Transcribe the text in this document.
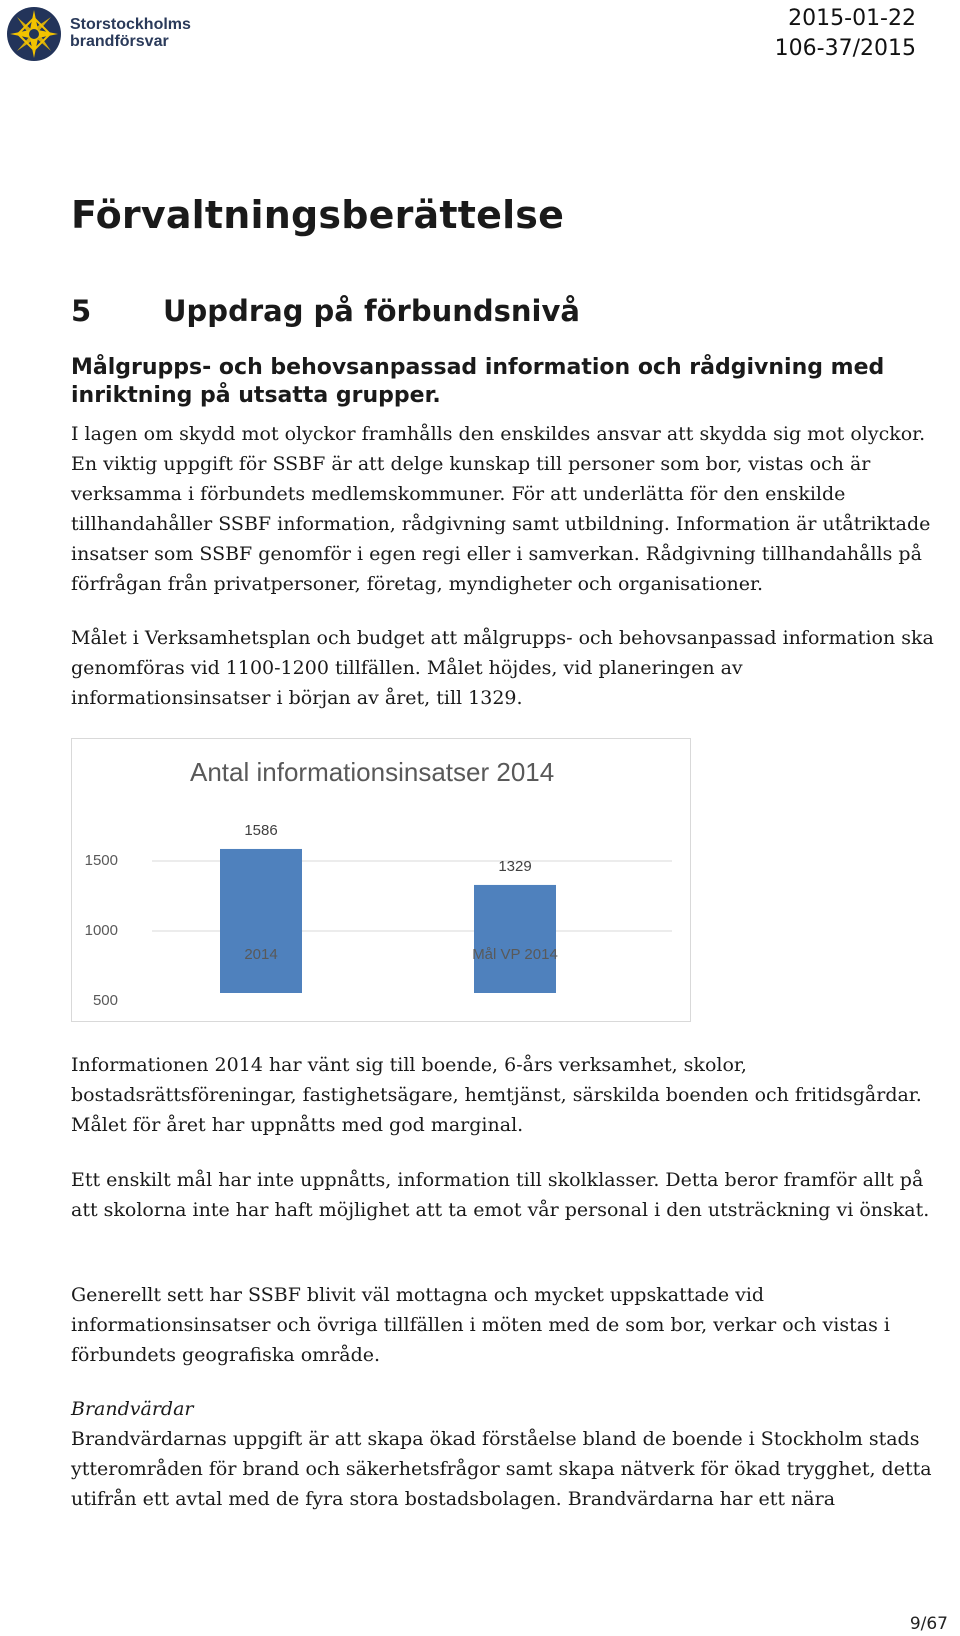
Storstockholms
brandförsvar
2015-01-22
106-37/2015
Förvaltningsberättelse
5 Uppdrag på förbundsnivå
Målgrupps- och behovsanpassad information och rådgivning med inriktning på utsatta grupper.

I lagen om skydd mot olyckor framhålls den enskildes ansvar att skydda sig mot olyckor. En viktig uppgift för SSBF är att delge kunskap till personer som bor, vistas och är verksamma i förbundets medlemskommuner. För att underlätta för den enskilde tillhandahåller SSBF information, rådgivning samt utbildning. Information är utåtriktade insatser som SSBF genomför i egen regi eller i samverkan. Rådgivning tillhandahålls på förfrågan från privatpersoner, företag, myndigheter och organisationer.

Målet i Verksamhetsplan och budget att målgrupps- och behovsanpassad information ska genomföras vid 1100-1200 tillfällen. Målet höjdes, vid planeringen av informationsinsatser i början av året, till 1329.

Antal informationsinsatser 2014
500
1000
1500
1586
2014
1329
Mål VP 2014

Informationen 2014 har vänt sig till boende, 6-års verksamhet, skolor, bostadsrättsföreningar, fastighetsägare, hemtjänst, särskilda boenden och fritidsgårdar. Målet för året har uppnåtts med god marginal.

Ett enskilt mål har inte uppnåtts, information till skolklasser. Detta beror framför allt på att skolorna inte har haft möjlighet att ta emot vår personal i den utsträckning vi önskat.

Generellt sett har SSBF blivit väl mottagna och mycket uppskattade vid informationsinsatser och övriga tillfällen i möten med de som bor, verkar och vistas i förbundets geografiska område.

Brandvärdar

Brandvärdarnas uppgift är att skapa ökad förståelse bland de boende i Stockholm stads ytterområden för brand och säkerhetsfrågor samt skapa nätverk för ökad trygghet, detta utifrån ett avtal med de fyra stora bostadsbolagen. Brandvärdarna har ett nära

9/67
